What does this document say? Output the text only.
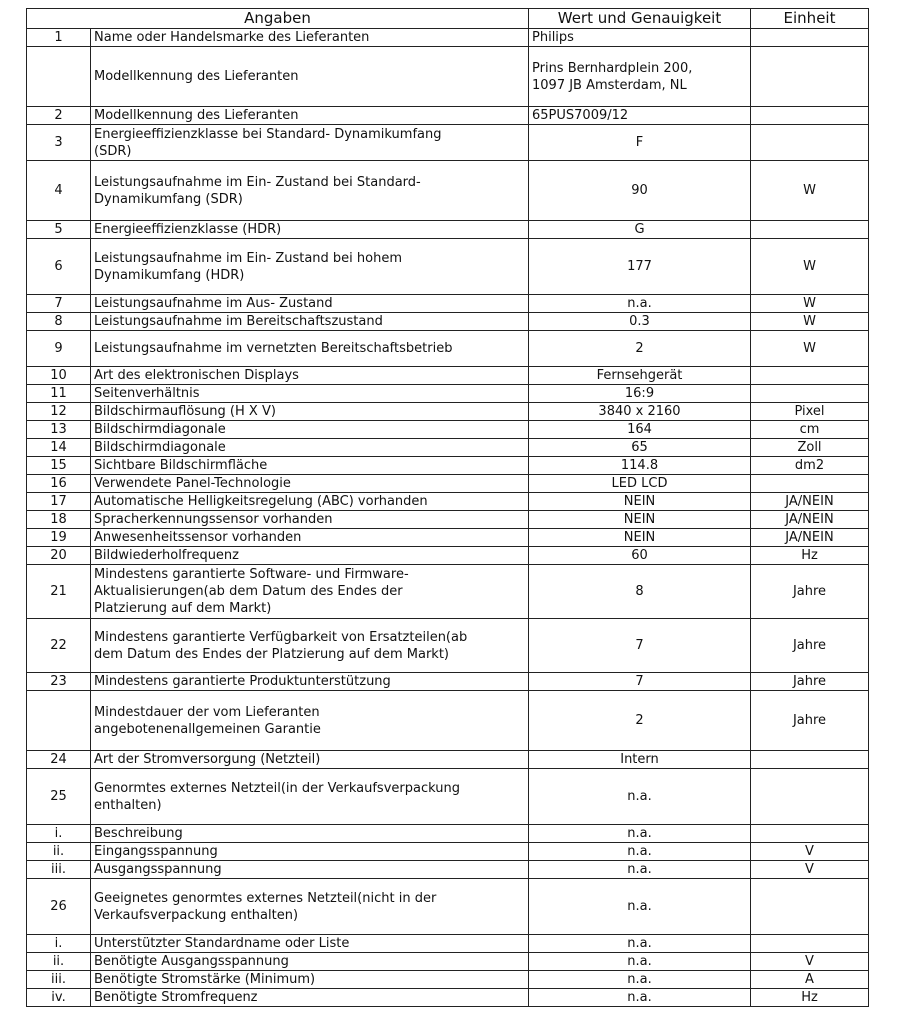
Angaben		Wert und Genauigkeit	Einheit
1	Name oder Handelsmarke des Lieferanten	Philips	
	Modellkennung des Lieferanten	Prins Bernhardplein 200,
1097 JB Amsterdam, NL	
2	Modellkennung des Lieferanten	65PUS7009/12	
3	Energieeffizienzklasse bei Standard- Dynamikumfang
(SDR)	F	
4	Leistungsaufnahme im Ein- Zustand bei Standard-
Dynamikumfang (SDR)	90	W
5	Energieeffizienzklasse (HDR)	G	
6	Leistungsaufnahme im Ein- Zustand bei hohem
Dynamikumfang (HDR)	177	W
7	Leistungsaufnahme im Aus- Zustand	n.a.	W
8	Leistungsaufnahme im Bereitschaftszustand	0.3	W
9	Leistungsaufnahme im vernetzten Bereitschaftsbetrieb	2	W
10	Art des elektronischen Displays	Fernsehgerät	
11	Seitenverhältnis	16:9	
12	Bildschirmauflösung (H X V)	3840 x 2160	Pixel
13	Bildschirmdiagonale	164	cm
14	Bildschirmdiagonale	65	Zoll
15	Sichtbare Bildschirmfläche	114.8	dm2
16	Verwendete Panel-Technologie	LED LCD	
17	Automatische Helligkeitsregelung (ABC) vorhanden	NEIN	JA/NEIN
18	Spracherkennungssensor vorhanden	NEIN	JA/NEIN
19	Anwesenheitssensor vorhanden	NEIN	JA/NEIN
20	Bildwiederholfrequenz	60	Hz
21	Mindestens garantierte Software- und Firmware-
Aktualisierungen(ab dem Datum des Endes der
Platzierung auf dem Markt)	8	Jahre
22	Mindestens garantierte Verfügbarkeit von Ersatzteilen(ab
dem Datum des Endes der Platzierung auf dem Markt)	7	Jahre
23	Mindestens garantierte Produktunterstützung	7	Jahre
	Mindestdauer der vom Lieferanten
angebotenenallgemeinen Garantie	2	Jahre
24	Art der Stromversorgung (Netzteil)	Intern	
25	Genormtes externes Netzteil(in der Verkaufsverpackung
enthalten)	n.a.	
i.	Beschreibung	n.a.	
ii.	Eingangsspannung	n.a.	V
iii.	Ausgangsspannung	n.a.	V
26	Geeignetes genormtes externes Netzteil(nicht in der
Verkaufsverpackung enthalten)	n.a.	
i.	Unterstützter Standardname oder Liste	n.a.	
ii.	Benötigte Ausgangsspannung	n.a.	V
iii.	Benötigte Stromstärke (Minimum)	n.a.	A
iv.	Benötigte Stromfrequenz	n.a.	Hz
